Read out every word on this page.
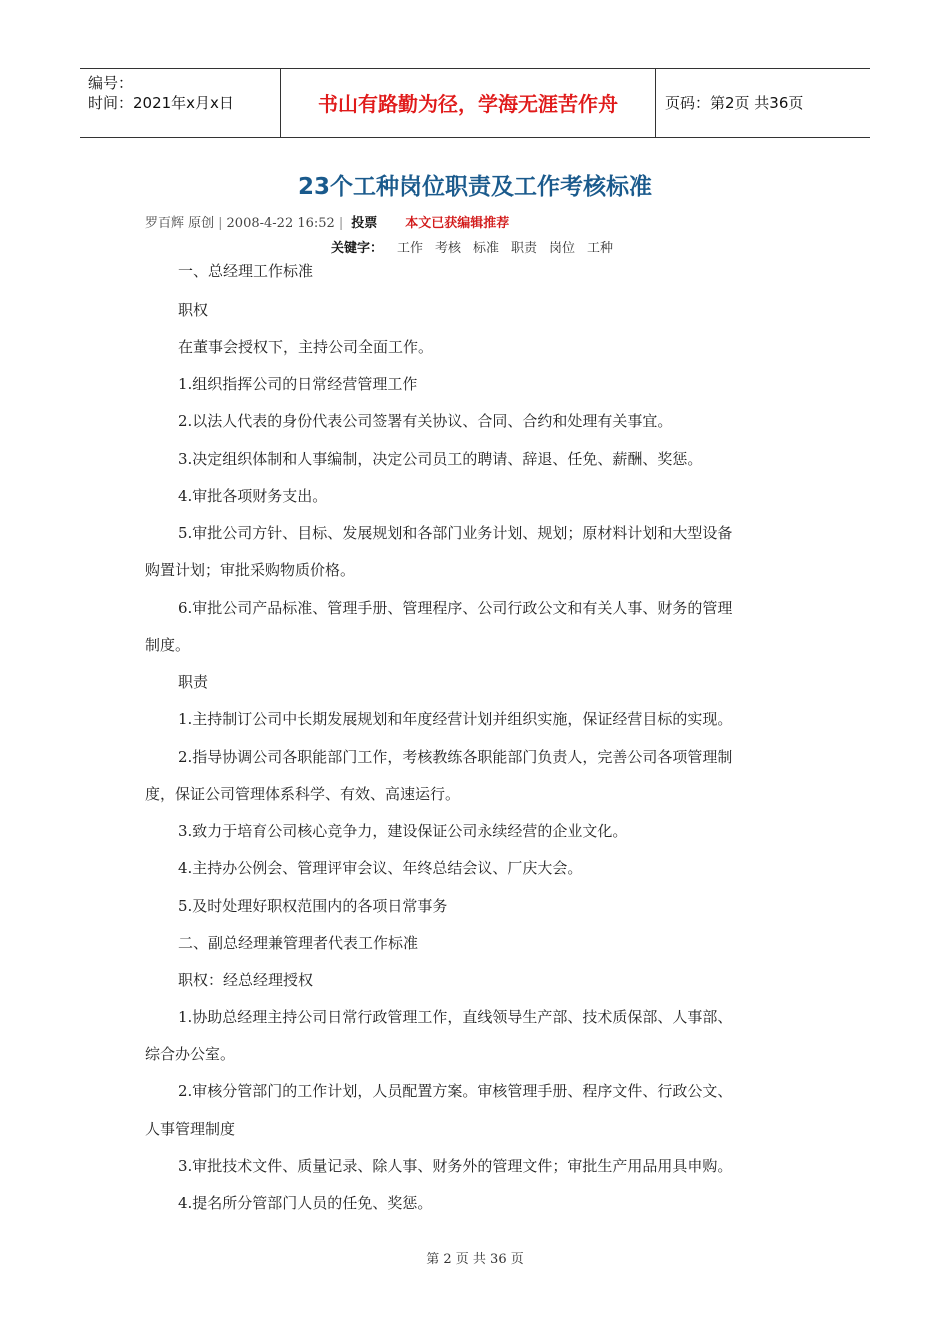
编号：
时间：2021年x月x日	书山有路勤为径，学海无涯苦作舟	页码：第2页 共36页
23个工种岗位职责及工作考核标准
罗百辉 原创 | 2008-4-22 16:52 | 投票 本文已获编辑推荐
关键字： 工作 考核 标准 职责 岗位 工种
一、总经理工作标准
职权
在董事会授权下，主持公司全面工作。
1.组织指挥公司的日常经营管理工作
2.以法人代表的身份代表公司签署有关协议、合同、合约和处理有关事宜。
3.决定组织体制和人事编制，决定公司员工的聘请、辞退、任免、薪酬、奖惩。
4.审批各项财务支出。
5.审批公司方针、目标、发展规划和各部门业务计划、规划；原材料计划和大型设备
购置计划；审批采购物质价格。
6.审批公司产品标准、管理手册、管理程序、公司行政公文和有关人事、财务的管理
制度。
职责
1.主持制订公司中长期发展规划和年度经营计划并组织实施，保证经营目标的实现。
2.指导协调公司各职能部门工作，考核教练各职能部门负责人，完善公司各项管理制
度，保证公司管理体系科学、有效、高速运行。
3.致力于培育公司核心竞争力，建设保证公司永续经营的企业文化。
4.主持办公例会、管理评审会议、年终总结会议、厂庆大会。
5.及时处理好职权范围内的各项日常事务
二、副总经理兼管理者代表工作标准
职权：经总经理授权
1.协助总经理主持公司日常行政管理工作，直线领导生产部、技术质保部、人事部、
综合办公室。
2.审核分管部门的工作计划，人员配置方案。审核管理手册、程序文件、行政公文、
人事管理制度
3.审批技术文件、质量记录、除人事、财务外的管理文件；审批生产用品用具申购。
4.提名所分管部门人员的任免、奖惩。
第 2 页 共 36 页
